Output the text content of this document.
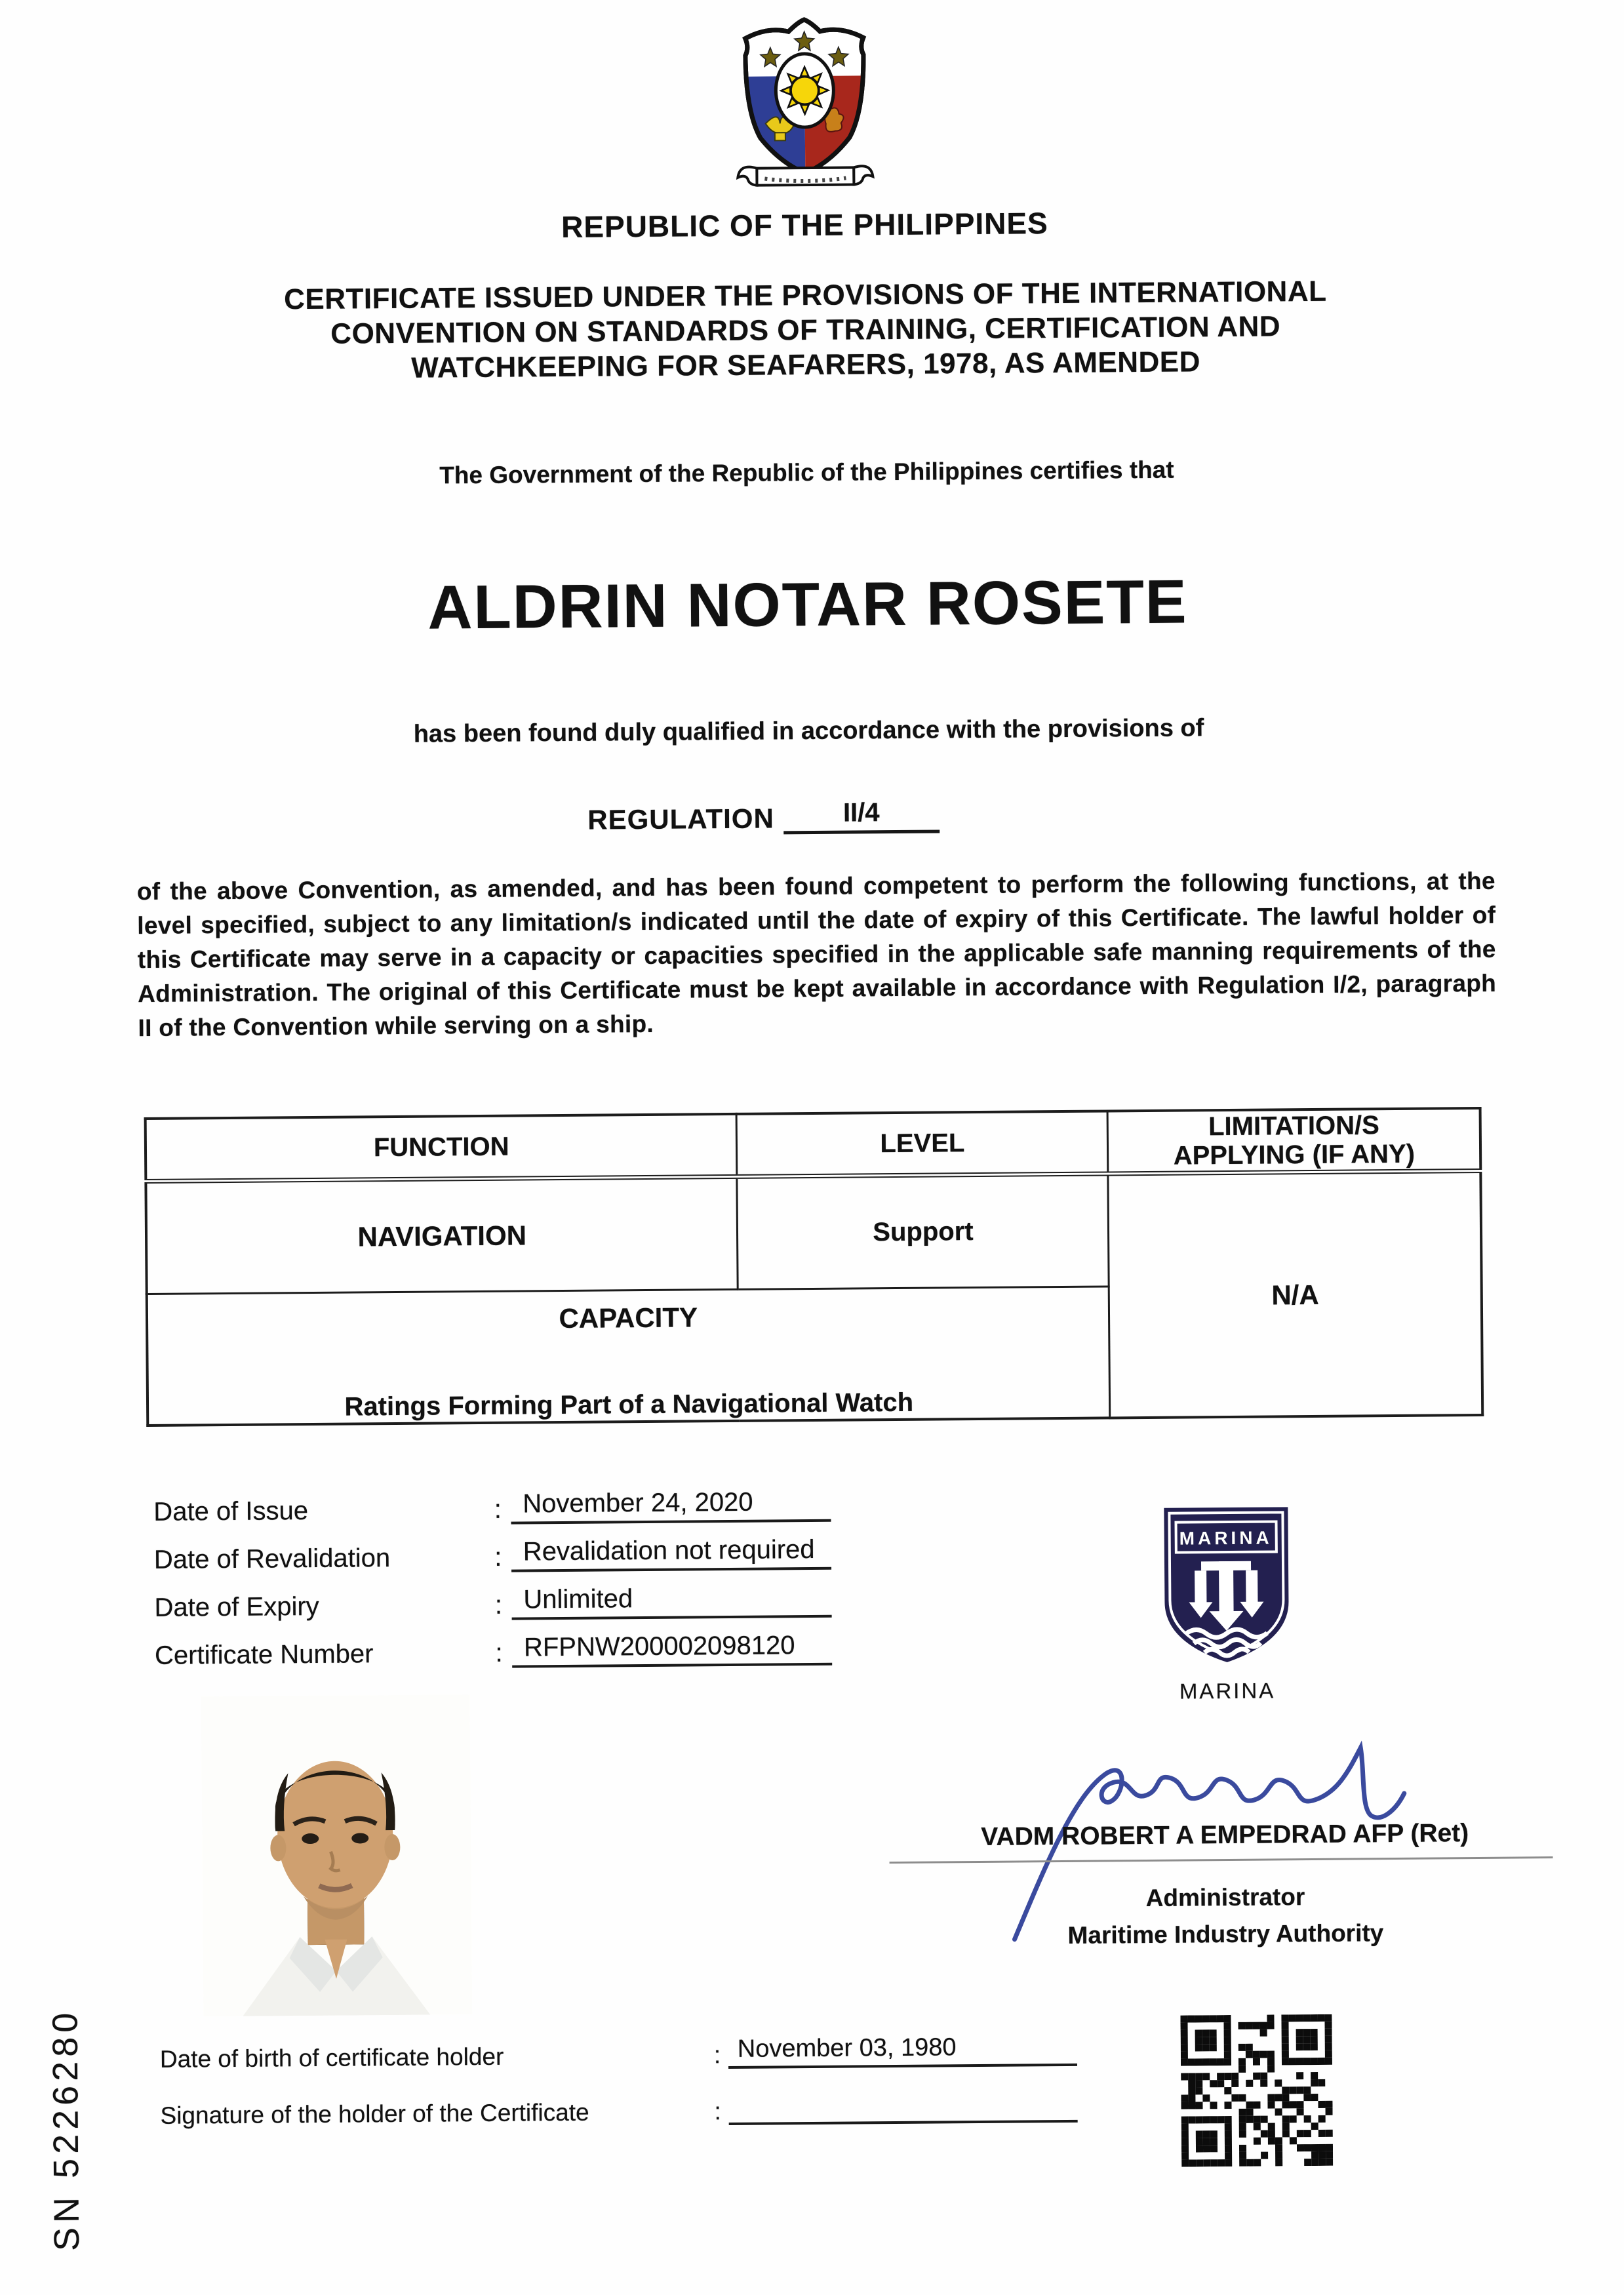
REPUBLIC OF THE PHILIPPINES
CERTIFICATE ISSUED UNDER THE PROVISIONS OF THE INTERNATIONAL
CONVENTION ON STANDARDS OF TRAINING, CERTIFICATION AND
WATCHKEEPING FOR SEAFARERS, 1978, AS AMENDED
The Government of the Republic of the Philippines certifies that
ALDRIN NOTAR ROSETE
has been found duly qualified in accordance with the provisions of
REGULATION	II/4
of the above Convention, as amended, and has been found competent to perform the following functions, at the level specified, subject to any limitation/s indicated until the date of expiry of this Certificate. The lawful holder of this Certificate may serve in a capacity or capacities specified in the applicable safe manning requirements of the Administration. The original of this Certificate must be kept available in accordance with Regulation I/2, paragraph II of the Convention while serving on a ship.
FUNCTION	LEVEL	LIMITATION/S
APPLYING (IF ANY)

NAVIGATION	Support	N/A

CAPACITY
Ratings Forming Part of a Navigational Watch		
Date of Issue	: November 24, 2020
Date of Revalidation	: Revalidation not required
Date of Expiry	: Unlimited
Certificate Number	: RFPNW200002098120
MARINA
MARINA
VADM ROBERT A EMPEDRAD AFP (Ret)
Administrator
Maritime Industry Authority
Date of birth of certificate holder	: November 03, 1980
Signature of the holder of the Certificate	:

SN 5226280
